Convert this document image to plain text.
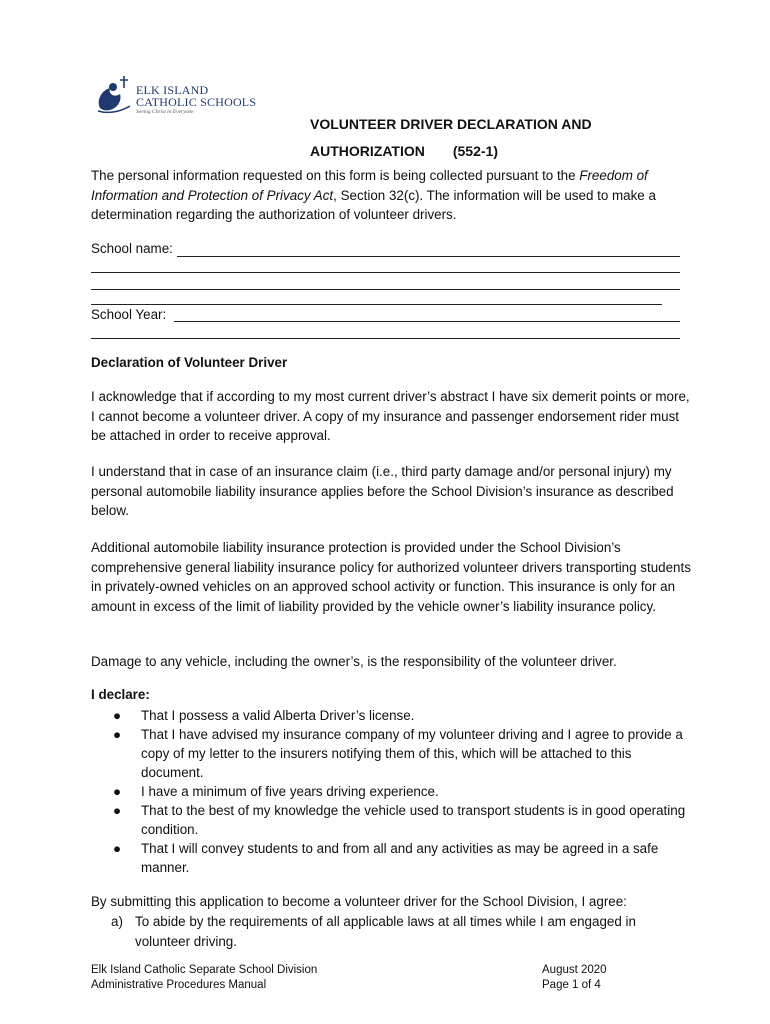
ELK ISLAND
CATHOLIC SCHOOLS
Seeing Christ in Everyone
VOLUNTEER DRIVER DECLARATION AND
AUTHORIZATION (552-1)
The personal information requested on this form is being collected pursuant to the Freedom of Information and Protection of Privacy Act, Section 32(c). The information will be used to make a determination regarding the authorization of volunteer drivers.
School name:
School Year:
Declaration of Volunteer Driver
I acknowledge that if according to my most current driver’s abstract I have six demerit points or more, I cannot become a volunteer driver. A copy of my insurance and passenger endorsement rider must be attached in order to receive approval.
I understand that in case of an insurance claim (i.e., third party damage and/or personal injury) my personal automobile liability insurance applies before the School Division’s insurance as described below.
Additional automobile liability insurance protection is provided under the School Division’s comprehensive general liability insurance policy for authorized volunteer drivers transporting students in privately-owned vehicles on an approved school activity or function. This insurance is only for an amount in excess of the limit of liability provided by the vehicle owner’s liability insurance policy.
Damage to any vehicle, including the owner’s, is the responsibility of the volunteer driver.
I declare:
● That I possess a valid Alberta Driver’s license.
● That I have advised my insurance company of my volunteer driving and I agree to provide a copy of my letter to the insurers notifying them of this, which will be attached to this document.
● I have a minimum of five years driving experience.
● That to the best of my knowledge the vehicle used to transport students is in good operating condition.
● That I will convey students to and from all and any activities as may be agreed in a safe manner.
By submitting this application to become a volunteer driver for the School Division, I agree:
a) To abide by the requirements of all applicable laws at all times while I am engaged in volunteer driving.
Elk Island Catholic Separate School Division
Administrative Procedures Manual
August 2020
Page 1 of 4
